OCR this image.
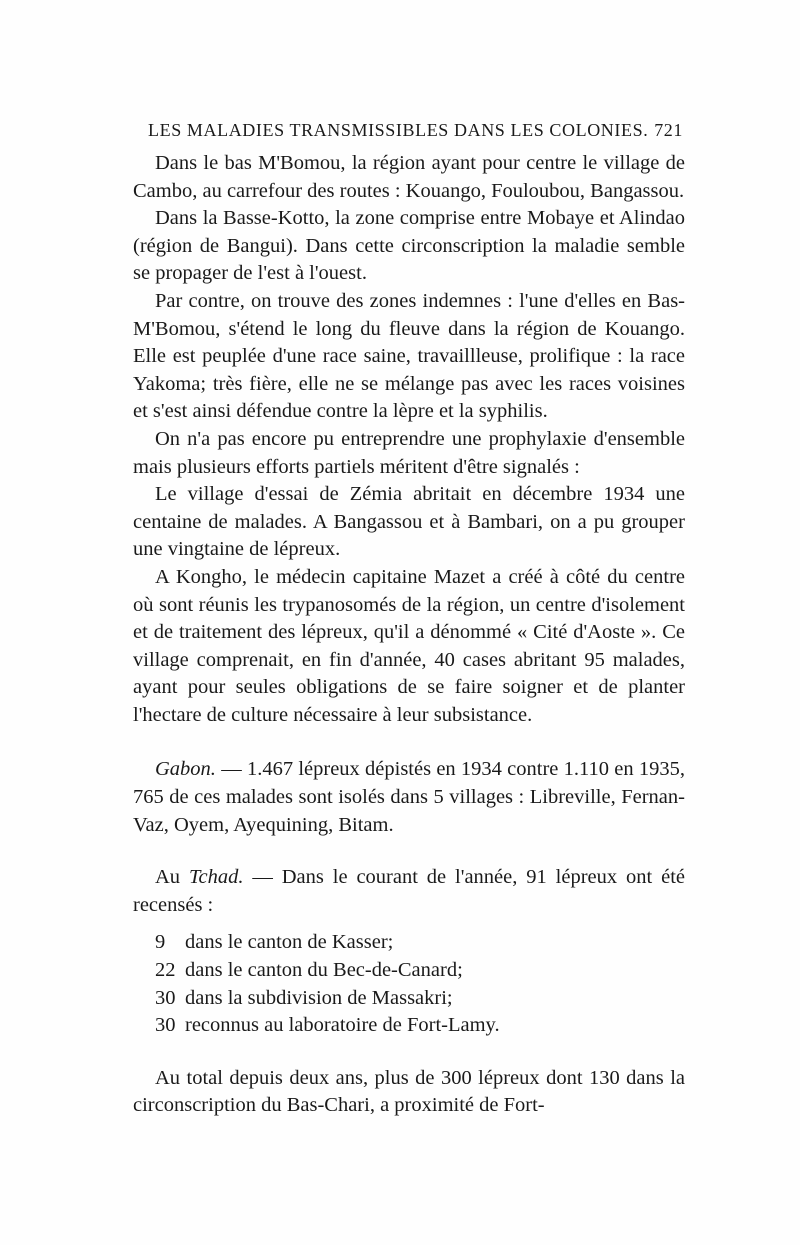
LES MALADIES TRANSMISSIBLES DANS LES COLONIES. 721

Dans le bas M'Bomou, la région ayant pour centre le village de Cambo, au carrefour des routes : Kouango, Fouloubou, Bangassou.

Dans la Basse-Kotto, la zone comprise entre Mobaye et Alindao (région de Bangui). Dans cette circonscription la maladie semble se propager de l'est à l'ouest.

Par contre, on trouve des zones indemnes : l'une d'elles en Bas-M'Bomou, s'étend le long du fleuve dans la région de Kouango. Elle est peuplée d'une race saine, travaillleuse, prolifique : la race Yakoma; très fière, elle ne se mélange pas avec les races voisines et s'est ainsi défendue contre la lèpre et la syphilis.

On n'a pas encore pu entreprendre une prophylaxie d'ensemble mais plusieurs efforts partiels méritent d'être signalés :

Le village d'essai de Zémia abritait en décembre 1934 une centaine de malades. A Bangassou et à Bambari, on a pu grouper une vingtaine de lépreux.

A Kongho, le médecin capitaine Mazet a créé à côté du centre où sont réunis les trypanosomés de la région, un centre d'isolement et de traitement des lépreux, qu'il a dénommé « Cité d'Aoste ». Ce village comprenait, en fin d'année, 40 cases abritant 95 malades, ayant pour seules obligations de se faire soigner et de planter l'hectare de culture nécessaire à leur subsistance.

Gabon. — 1.467 lépreux dépistés en 1934 contre 1.110 en 1935, 765 de ces malades sont isolés dans 5 villages : Libreville, Fernan-Vaz, Oyem, Ayequining, Bitam.

Au Tchad. — Dans le courant de l'année, 91 lépreux ont été recensés :

9 dans le canton de Kasser;
22 dans le canton du Bec-de-Canard;
30 dans la subdivision de Massakri;
30 reconnus au laboratoire de Fort-Lamy.

Au total depuis deux ans, plus de 300 lépreux dont 130 dans la circonscription du Bas-Chari, a proximité de Fort-
